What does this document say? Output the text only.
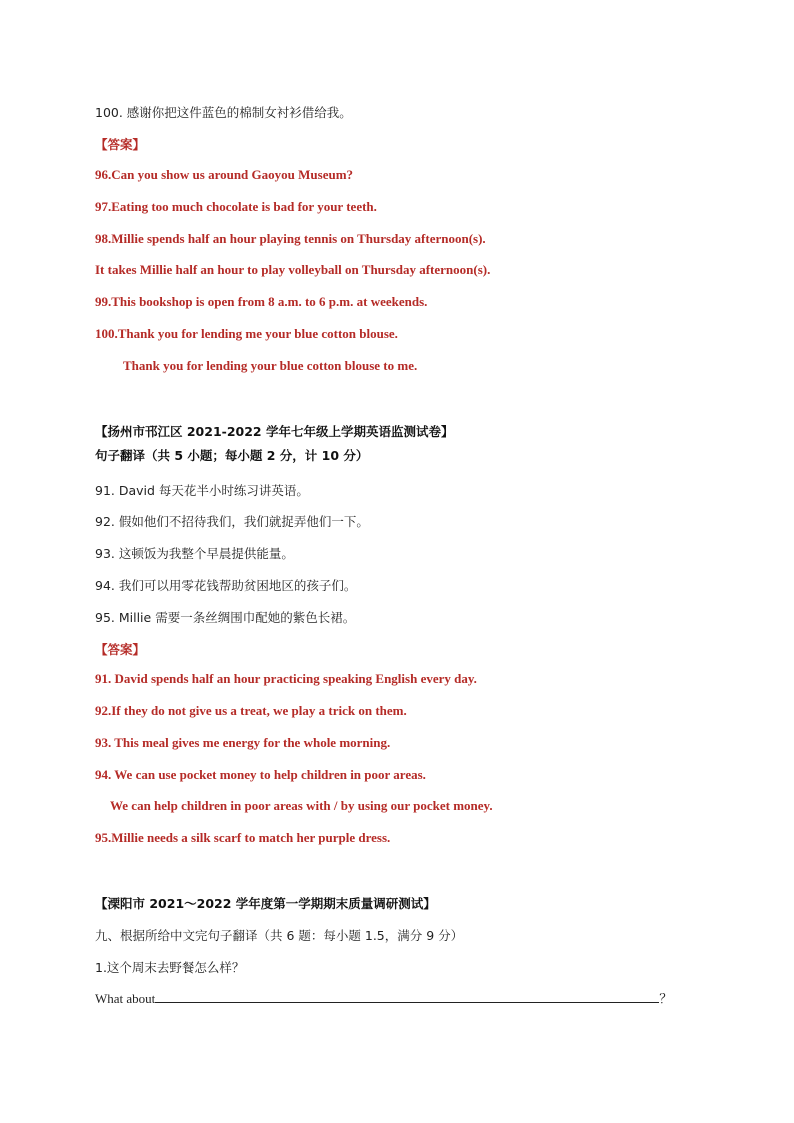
100. 感谢你把这件蓝色的棉制女衬衫借给我。
【答案】
96.Can you show us around Gaoyou Museum?
97.Eating too much chocolate is bad for your teeth.
98.Millie spends half an hour playing tennis on Thursday afternoon(s).
It takes Millie half an hour to play volleyball on Thursday afternoon(s).
99.This bookshop is open from 8 a.m. to 6 p.m. at weekends.
100.Thank you for lending me your blue cotton blouse.
Thank you for lending your blue cotton blouse to me.
【扬州市邗江区 2021-2022 学年七年级上学期英语监测试卷】
句子翻译（共 5 小题；每小题 2 分，计 10 分）
91. David 每天花半小时练习讲英语。
92. 假如他们不招待我们，我们就捉弄他们一下。
93. 这顿饭为我整个早晨提供能量。
94. 我们可以用零花钱帮助贫困地区的孩子们。
95. Millie 需要一条丝绸围巾配她的紫色长裙。
【答案】
91. David spends half an hour practicing speaking English every day.
92.If they do not give us a treat, we play a trick on them.
93. This meal gives me energy for the whole morning.
94. We can use pocket money to help children in poor areas.
We can help children in poor areas with / by using our pocket money.
95.Millie needs a silk scarf to match her purple dress.
【溧阳市 2021～2022 学年度第一学期期末质量调研测试】
九、根据所给中文完句子翻译（共 6 题：每小题 1.5，满分 9 分）
1.这个周末去野餐怎么样？
What about	？
